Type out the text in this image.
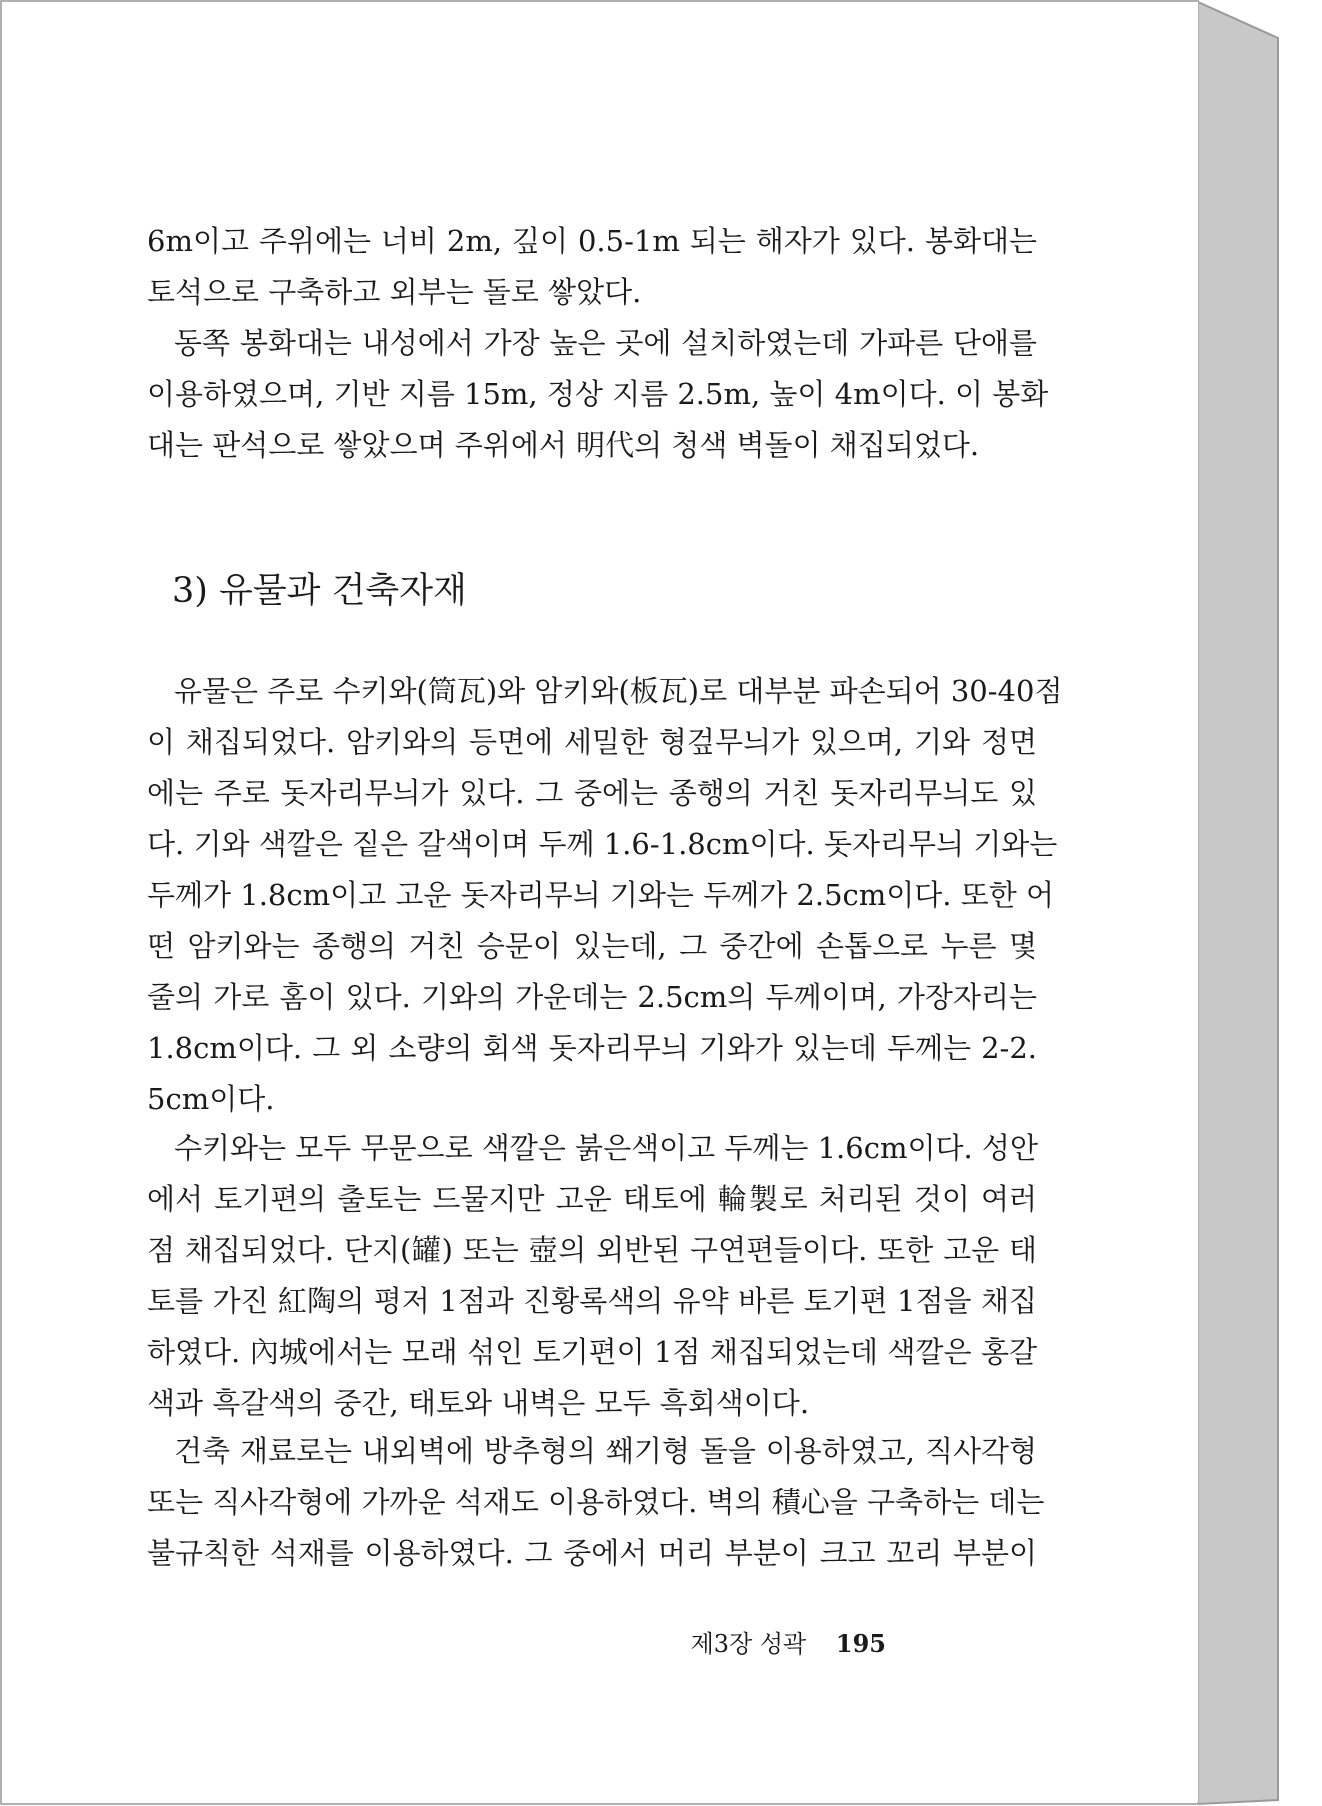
6m이고 주위에는 너비 2m, 깊이 0.5-1m 되는 해자가 있다. 봉화대는
토석으로 구축하고 외부는 돌로 쌓았다.
동쪽 봉화대는 내성에서 가장 높은 곳에 설치하였는데 가파른 단애를
이용하였으며, 기반 지름 15m, 정상 지름 2.5m, 높이 4m이다. 이 봉화
대는 판석으로 쌓았으며 주위에서 明代의 청색 벽돌이 채집되었다.
3) 유물과 건축자재
유물은 주로 수키와(筒瓦)와 암키와(板瓦)로 대부분 파손되어 30-40점
이 채집되었다. 암키와의 등면에 세밀한 형겊무늬가 있으며, 기와 정면
에는 주로 돗자리무늬가 있다. 그 중에는 종행의 거친 돗자리무늬도 있
다. 기와 색깔은 짙은 갈색이며 두께 1.6-1.8cm이다. 돗자리무늬 기와는
두께가 1.8cm이고 고운 돗자리무늬 기와는 두께가 2.5cm이다. 또한 어
떤 암키와는 종행의 거친 승문이 있는데, 그 중간에 손톱으로 누른 몇
줄의 가로 홈이 있다. 기와의 가운데는 2.5cm의 두께이며, 가장자리는
1.8cm이다. 그 외 소량의 회색 돗자리무늬 기와가 있는데 두께는 2-2.
5cm이다.
수키와는 모두 무문으로 색깔은 붉은색이고 두께는 1.6cm이다. 성안
에서 토기편의 출토는 드물지만 고운 태토에 輪製로 처리된 것이 여러
점 채집되었다. 단지(罐) 또는 壺의 외반된 구연편들이다. 또한 고운 태
토를 가진 紅陶의 평저 1점과 진황록색의 유약 바른 토기편 1점을 채집
하였다. 內城에서는 모래 섞인 토기편이 1점 채집되었는데 색깔은 홍갈
색과 흑갈색의 중간, 태토와 내벽은 모두 흑회색이다.
건축 재료로는 내외벽에 방추형의 쐐기형 돌을 이용하였고, 직사각형
또는 직사각형에 가까운 석재도 이용하였다. 벽의 積心을 구축하는 데는
불규칙한 석재를 이용하였다. 그 중에서 머리 부분이 크고 꼬리 부분이
제3장 성곽 195
